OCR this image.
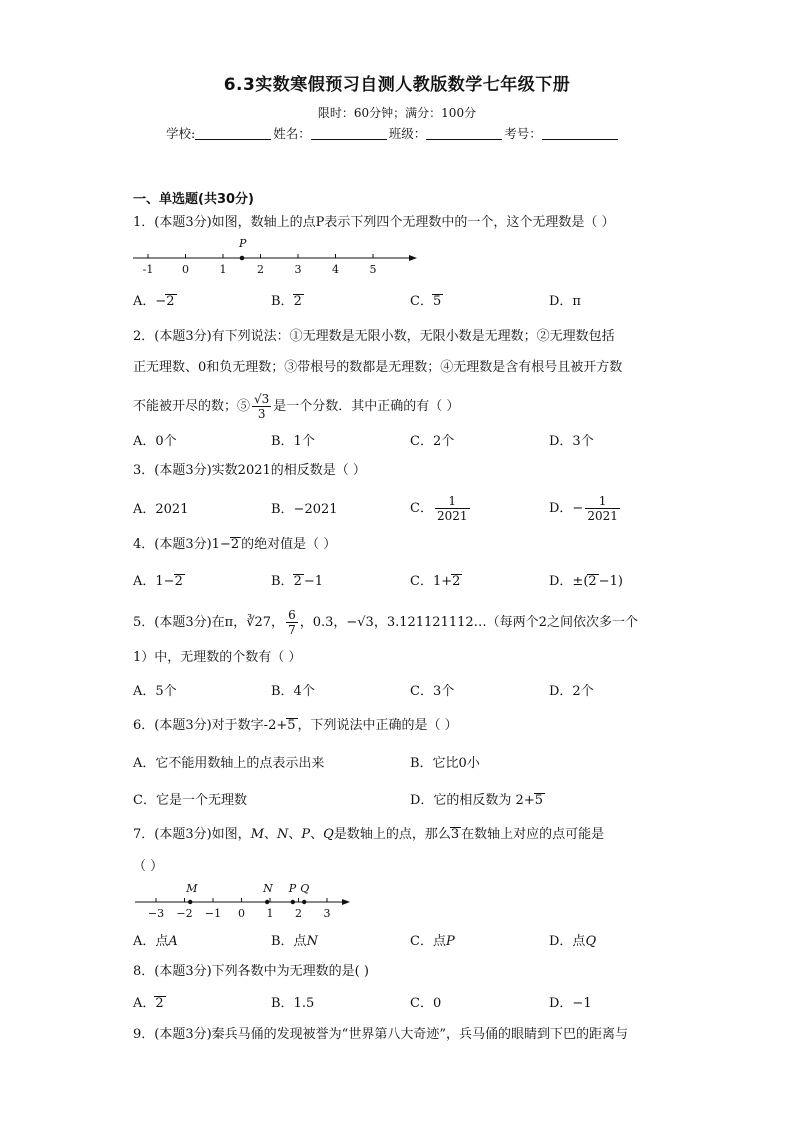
6.3实数寒假预习自测人教版数学七年级下册
限时：60分钟；满分：100分
学校:	姓名：	班级：	考号：
一、单选题(共30分)
1．(本题3分)如图，数轴上的点P表示下列四个无理数中的一个，这个无理数是（ ）
-1	0	1	2	3	4	5
P
A．−2	B．2	C．5	D．π
2．(本题3分)有下列说法：①无理数是无限小数，无限小数是无理数；②无理数包括
正无理数、0和负无理数；③带根号的数都是无理数；④无理数是含有根号且被开方数
不能被开尽的数；⑤ $\frac{√3}{3}$ 是一个分数．其中正确的有（ ）
A．0个	B．1个	C．2个	D．3个
3．(本题3分)实数2021的相反数是（ ）
A．2021	B．−2021	C． $\frac{1}{2021}$	D．− $\frac{1}{2021}$
4．(本题3分)1−2 的绝对值是（ ）
A．1−2	B．2 −1	C．1+2	D．±(2 −1)
5．(本题3分)在π，∛27， $\frac{6}{7}$ ，0.3，−√3，3.121121112…（每两个2之间依次多一个
1）中，无理数的个数有（ ）
A．5个	B．4个	C．3个	D．2个
6．(本题3分)对于数字-2+5 ，下列说法中正确的是（ ）
A．它不能用数轴上的点表示出来	B．它比0小
C．它是一个无理数	D．它的相反数为 2+5
7．(本题3分)如图，M、N、P、Q是数轴上的点，那么3 在数轴上对应的点可能是
（ ）
−3 −2 −1 0 1 2 3
M	N P Q
A．点A	B．点N	C．点P	D．点Q
8．(本题3分)下列各数中为无理数的是( )
A．2	B．1.5	C．0	D．−1
9．(本题3分)秦兵马俑的发现被誉为“世界第八大奇迹”，兵马俑的眼睛到下巴的距离与
